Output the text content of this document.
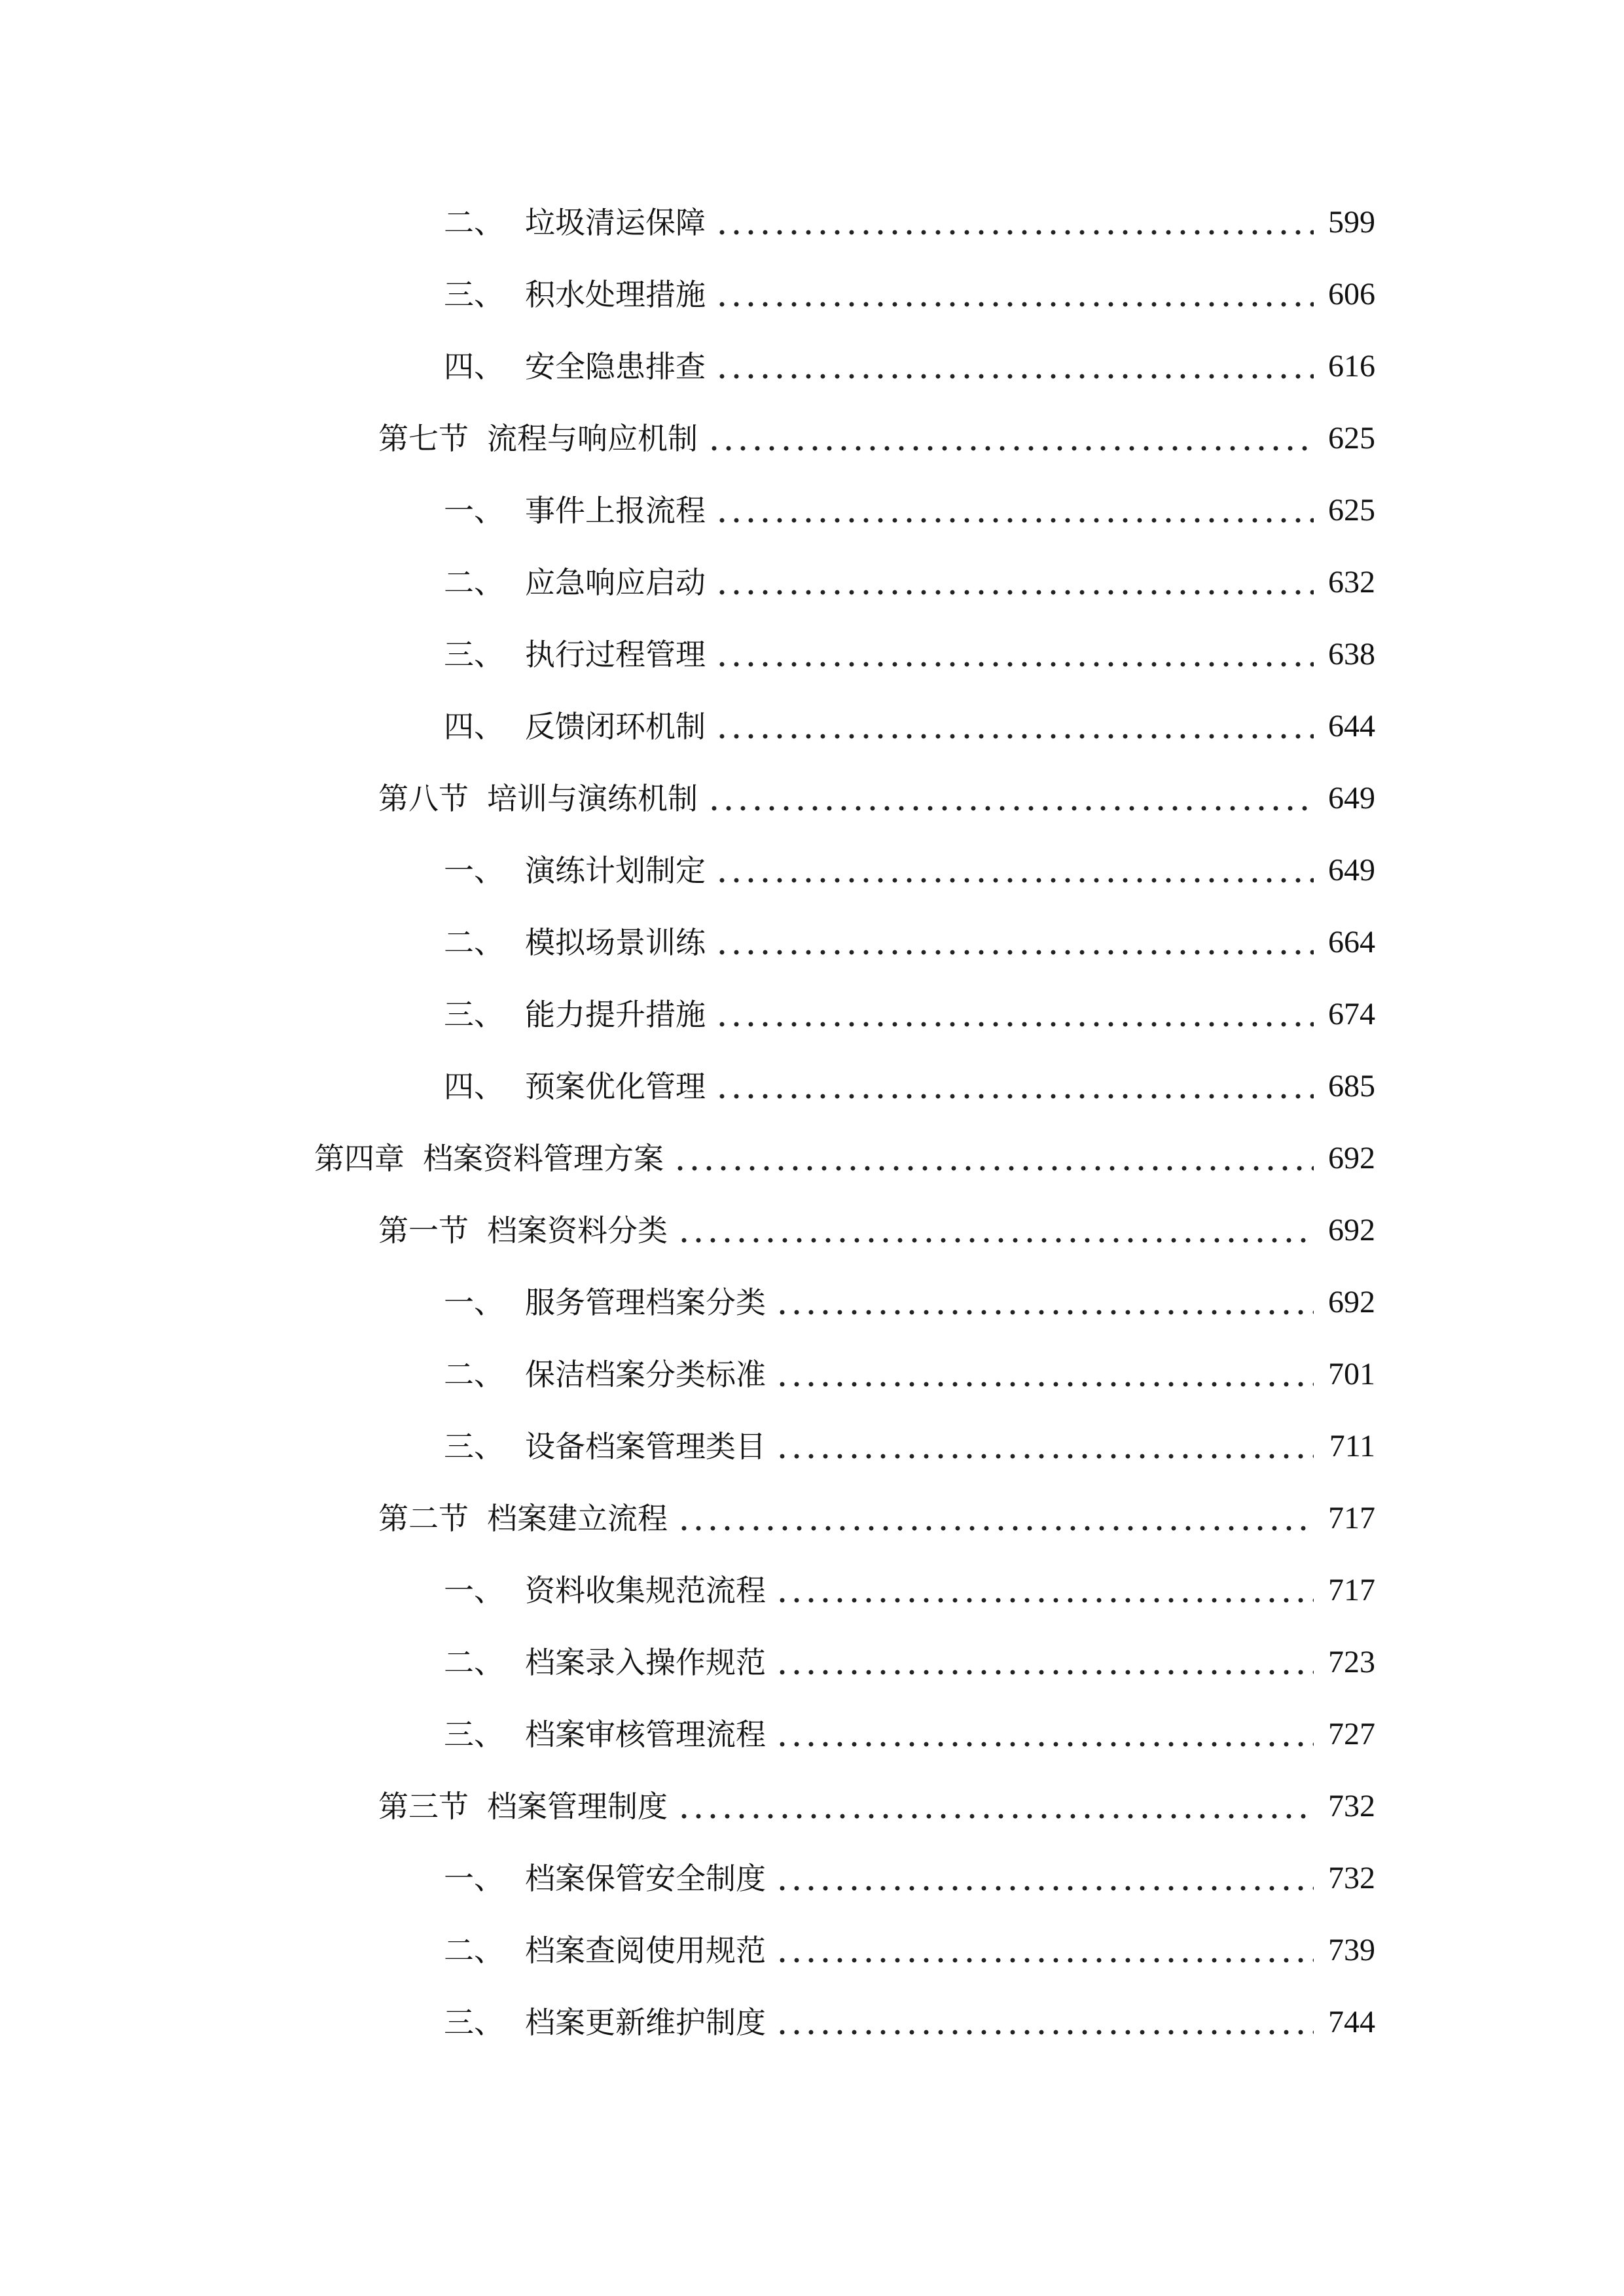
二、 垃圾清运保障	599
三、 积水处理措施	606
四、 安全隐患排查	616
第七节 流程与响应机制	625
一、 事件上报流程	625
二、 应急响应启动	632
三、 执行过程管理	638
四、 反馈闭环机制	644
第八节 培训与演练机制	649
一、 演练计划制定	649
二、 模拟场景训练	664
三、 能力提升措施	674
四、 预案优化管理	685
第四章 档案资料管理方案	692
第一节 档案资料分类	692
一、 服务管理档案分类	692
二、 保洁档案分类标准	701
三、 设备档案管理类目	711
第二节 档案建立流程	717
一、 资料收集规范流程	717
二、 档案录入操作规范	723
三、 档案审核管理流程	727
第三节 档案管理制度	732
一、 档案保管安全制度	732
二、 档案查阅使用规范	739
三、 档案更新维护制度	744
